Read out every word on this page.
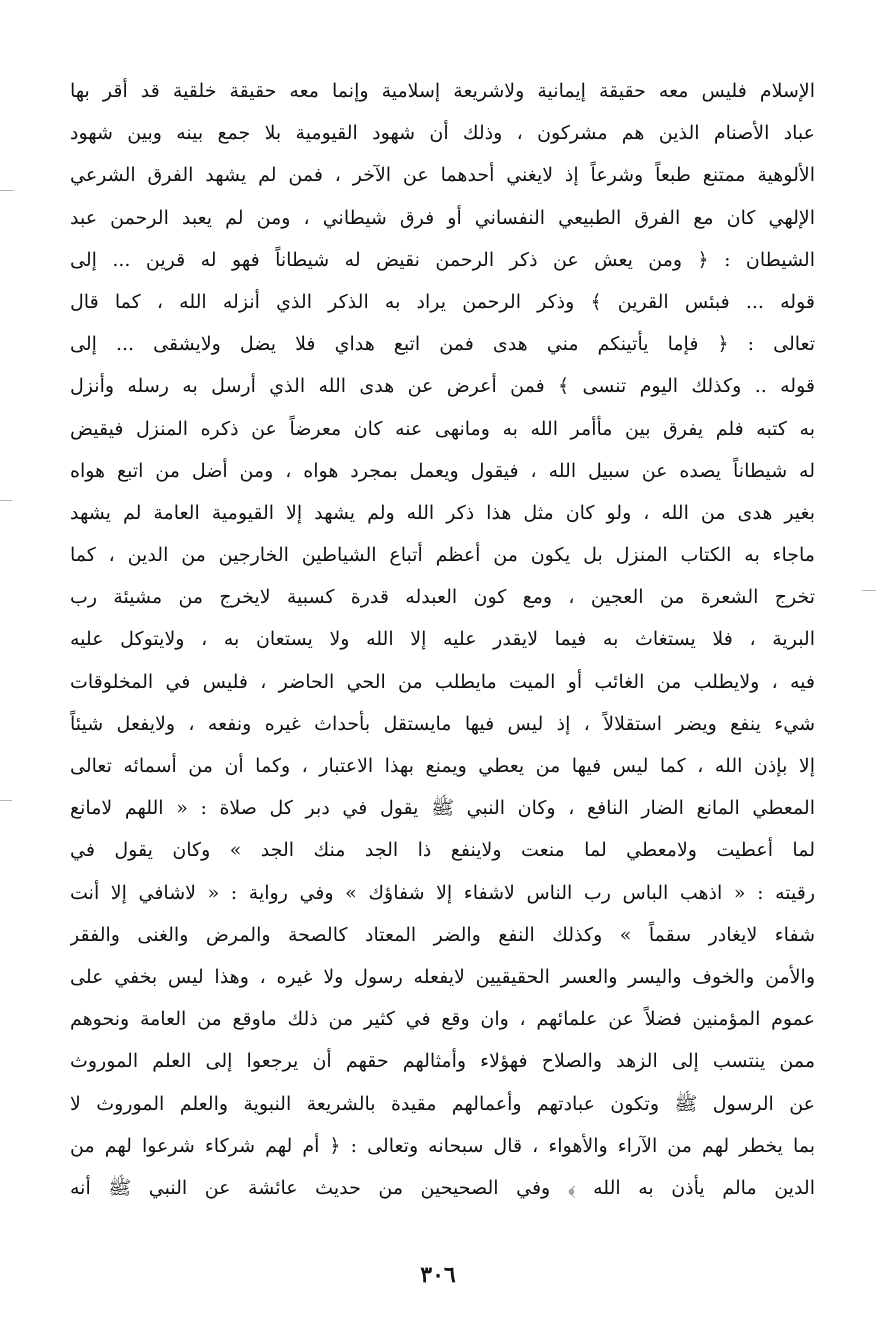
الإسلام فليس معه حقيقة إيمانية ولاشريعة إسلامية وإنما معه حقيقة خلقية قد أقر بها
عباد الأصنام الذين هم مشركون ، وذلك أن شهود القيومية بلا جمع بينه وبين شهود
الألوهية ممتنع طبعاً وشرعاً إذ لايغني أحدهما عن الآخر ، فمن لم يشهد الفرق الشرعي
الإلهي كان مع الفرق الطبيعي النفساني أو فرق شيطاني ، ومن لم يعبد الرحمن عبد
الشيطان : ﴿ ومن يعش عن ذكر الرحمن نقيض له شيطاناً فهو له قرين ... إلى
قوله ... فبئس القرين ﴾ وذكر الرحمن يراد به الذكر الذي أنزله الله ، كما قال
تعالى : ﴿ فإما يأتينكم مني هدى فمن اتبع هداي فلا يضل ولايشقى ... إلى
قوله .. وكذلك اليوم تنسى ﴾ فمن أعرض عن هدى الله الذي أرسل به رسله وأنزل
به كتبه فلم يفرق بين مأأمر الله به ومانهى عنه كان معرضاً عن ذكره المنزل فيقيض
له شيطاناً يصده عن سبيل الله ، فيقول ويعمل بمجرد هواه ، ومن أضل من اتبع هواه
بغير هدى من الله ، ولو كان مثل هذا ذكر الله ولم يشهد إلا القيومية العامة لم يشهد
ماجاء به الكتاب المنزل بل يكون من أعظم أتباع الشياطين الخارجين من الدين ، كما
تخرج الشعرة من العجين ، ومع كون العبدله قدرة كسبية لايخرج من مشيئة رب
البرية ، فلا يستغاث به فيما لايقدر عليه إلا الله ولا يستعان به ، ولايتوكل عليه
فيه ، ولايطلب من الغائب أو الميت مايطلب من الحي الحاضر ، فليس في المخلوقات
شيء ينفع ويضر استقلالاً ، إذ ليس فيها مايستقل بأحداث غيره ونفعه ، ولايفعل شيئاً
إلا بإذن الله ، كما ليس فيها من يعطي ويمنع بهذا الاعتبار ، وكما أن من أسمائه تعالى
المعطي المانع الضار النافع ، وكان النبي ﷺ يقول في دبر كل صلاة : « اللهم لامانع
لما أعطيت ولامعطي لما منعت ولاينفع ذا الجد منك الجد » وكان يقول في
رقيته : « اذهب الباس رب الناس لاشفاء إلا شفاؤك » وفي رواية : « لاشافي إلا أنت
شفاء لايغادر سقماً » وكذلك النفع والضر المعتاد كالصحة والمرض والغنى والفقر
والأمن والخوف واليسر والعسر الحقيقيين لايفعله رسول ولا غيره ، وهذا ليس بخفي على
عموم المؤمنين فضلاً عن علمائهم ، وان وقع في كثير من ذلك ماوقع من العامة ونحوهم
ممن ينتسب إلى الزهد والصلاح فهؤلاء وأمثالهم حقهم أن يرجعوا إلى العلم الموروث
عن الرسول ﷺ وتكون عبادتهم وأعمالهم مقيدة بالشريعة النبوية والعلم الموروث لا
بما يخطر لهم من الآراء والأهواء ، قال سبحانه وتعالى : ﴿ أم لهم شركاء شرعوا لهم من
الدين مالم يأذن به الله ﴾ وفي الصحيحين من حديث عائشة عن النبي ﷺ أنه
٣٠٦
